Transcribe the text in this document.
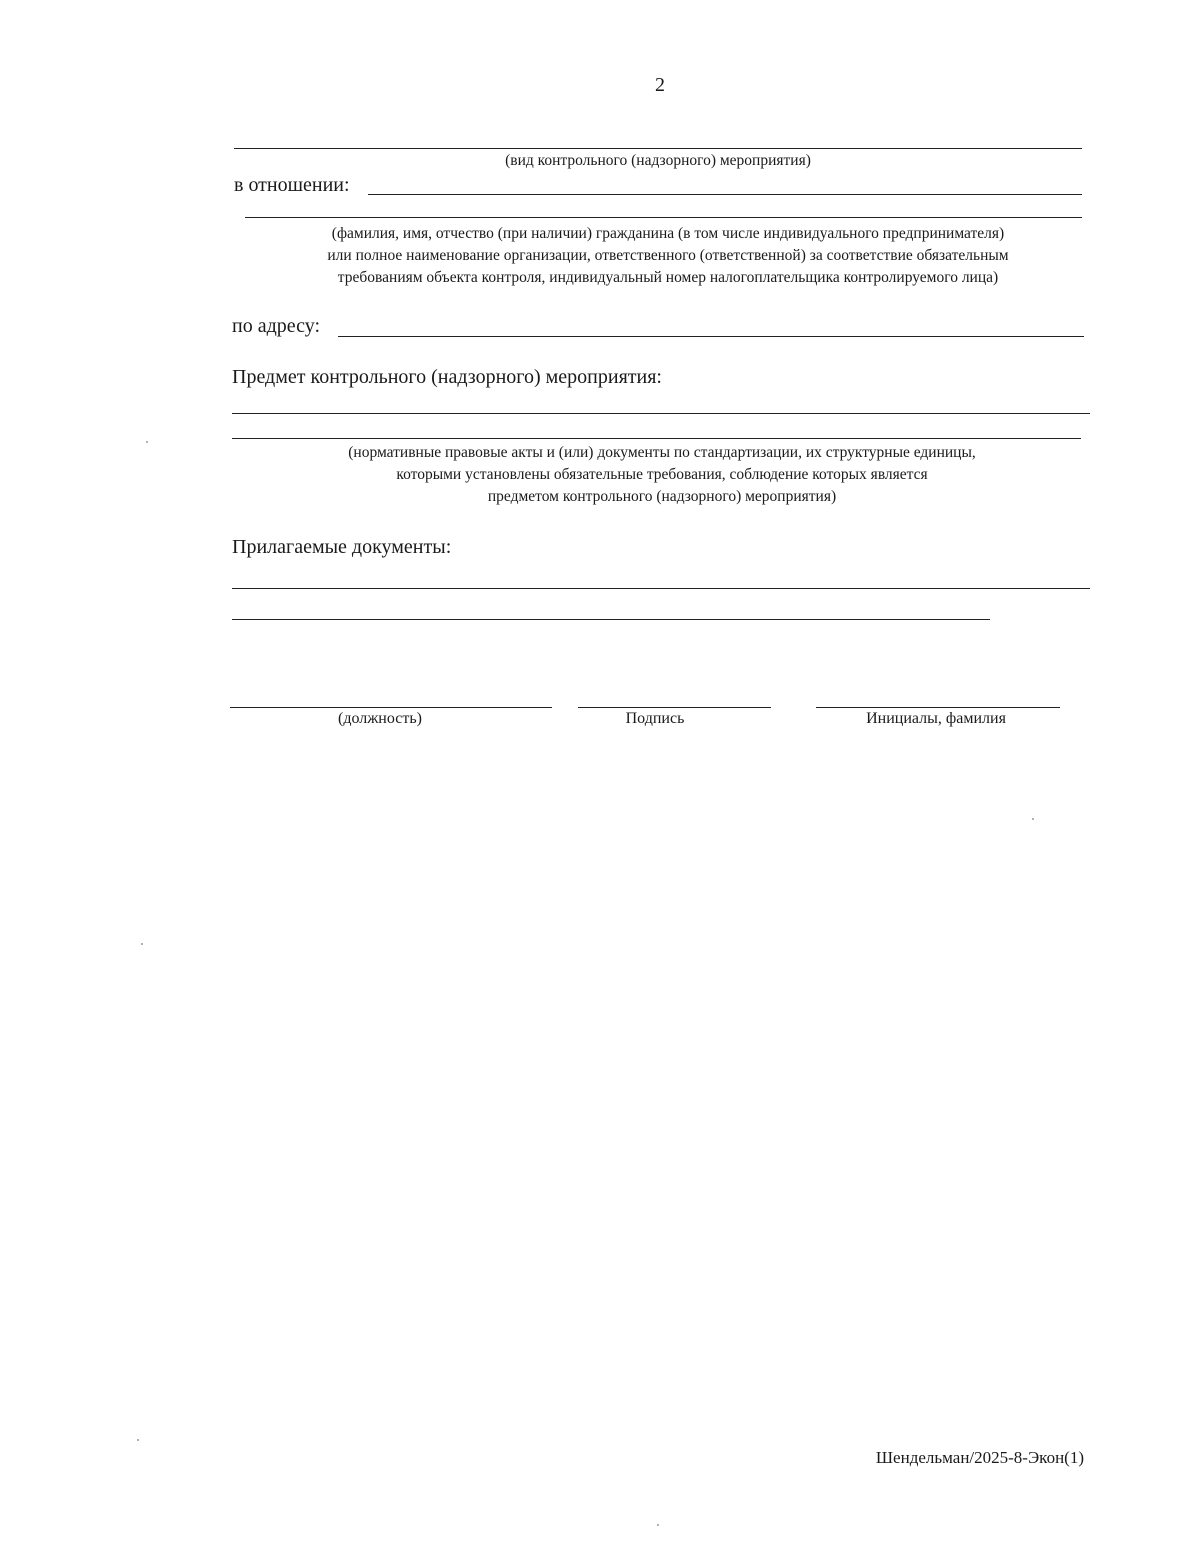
2
(вид контрольного (надзорного) мероприятия)
в отношении:
(фамилия, имя, отчество (при наличии) гражданина (в том числе индивидуального предпринимателя)
или полное наименование организации, ответственного (ответственной) за соответствие обязательным
требованиям объекта контроля, индивидуальный номер налогоплательщика контролируемого лица)
по адресу:
Предмет контрольного (надзорного) мероприятия:
(нормативные правовые акты и (или) документы по стандартизации, их структурные единицы,
которыми установлены обязательные требования, соблюдение которых является
предметом контрольного (надзорного) мероприятия)
Прилагаемые документы:
(должность)	Подпись	Инициалы, фамилия
Шендельман/2025-8-Экон(1)
